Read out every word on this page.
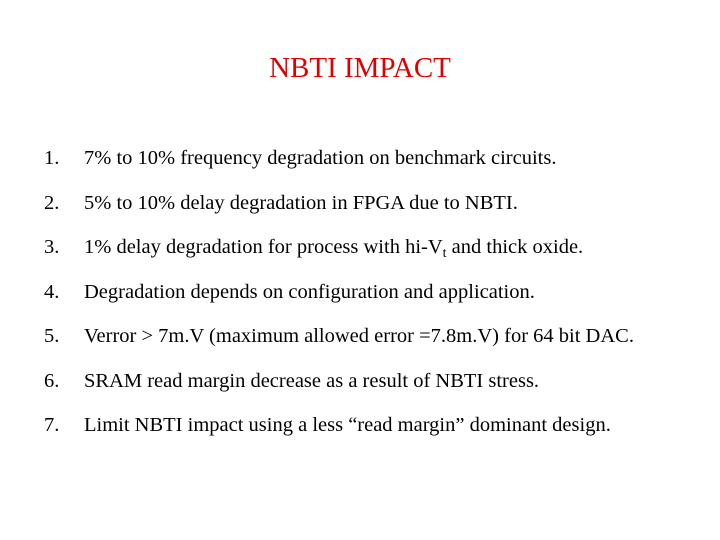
NBTI IMPACT
1.	7% to 10% frequency degradation on benchmark circuits.
2.	5% to 10% delay degradation in FPGA due to NBTI.
3.	1% delay degradation for process with $hi-V_t$ and thick oxide.
4.	Degradation depends on configuration and application.
5.	Verror > 7m.V (maximum allowed error =7.8m.V) for 64 bit DAC.
6.	SRAM read margin decrease as a result of NBTI stress.
7.	Limit NBTI impact using a less “read margin” dominant design.
